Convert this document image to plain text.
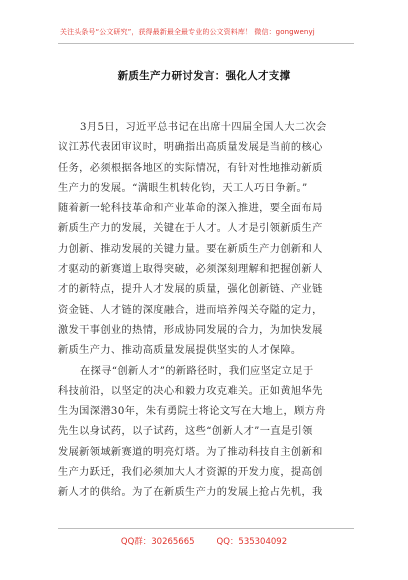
关注头条号“公文研究”，获得最新最全最专业的公文资料库！ 微信：gongwenyj
新质生产力研讨发言：强化人才支撑
3月5日，习近平总书记在出席十四届全国人大二次会
议江苏代表团审议时，明确指出高质量发展是当前的核心
任务，必须根据各地区的实际情况，有针对性地推动新质
生产力的发展。“满眼生机转化钧，天工人巧日争新。”
随着新一轮科技革命和产业革命的深入推进，要全面布局
新质生产力的发展，关键在于人才。人才是引领新质生产
力创新、推动发展的关键力量。要在新质生产力创新和人
才驱动的新赛道上取得突破，必须深刻理解和把握创新人
才的新特点，提升人才发展的质量，强化创新链、产业链
资金链、人才链的深度融合，进而培养闯关夺隘的定力，
激发干事创业的热情，形成协同发展的合力，为加快发展
新质生产力、推动高质量发展提供坚实的人才保障。
在探寻“创新人才”的新路径时，我们应坚定立足于
科技前沿，以坚定的决心和毅力攻克难关。正如黄旭华先
生为国深潜30年，朱有勇院士将论文写在大地上，顾方舟
先生以身试药，以子试药，这些“创新人才”一直是引领
发展新领域新赛道的明亮灯塔。为了推动科技自主创新和
生产力跃迁，我们必须加大人才资源的开发力度，提高创
新人才的供给。为了在新质生产力的发展上抢占先机，我
QQ群：30265665	QQ：535304092
